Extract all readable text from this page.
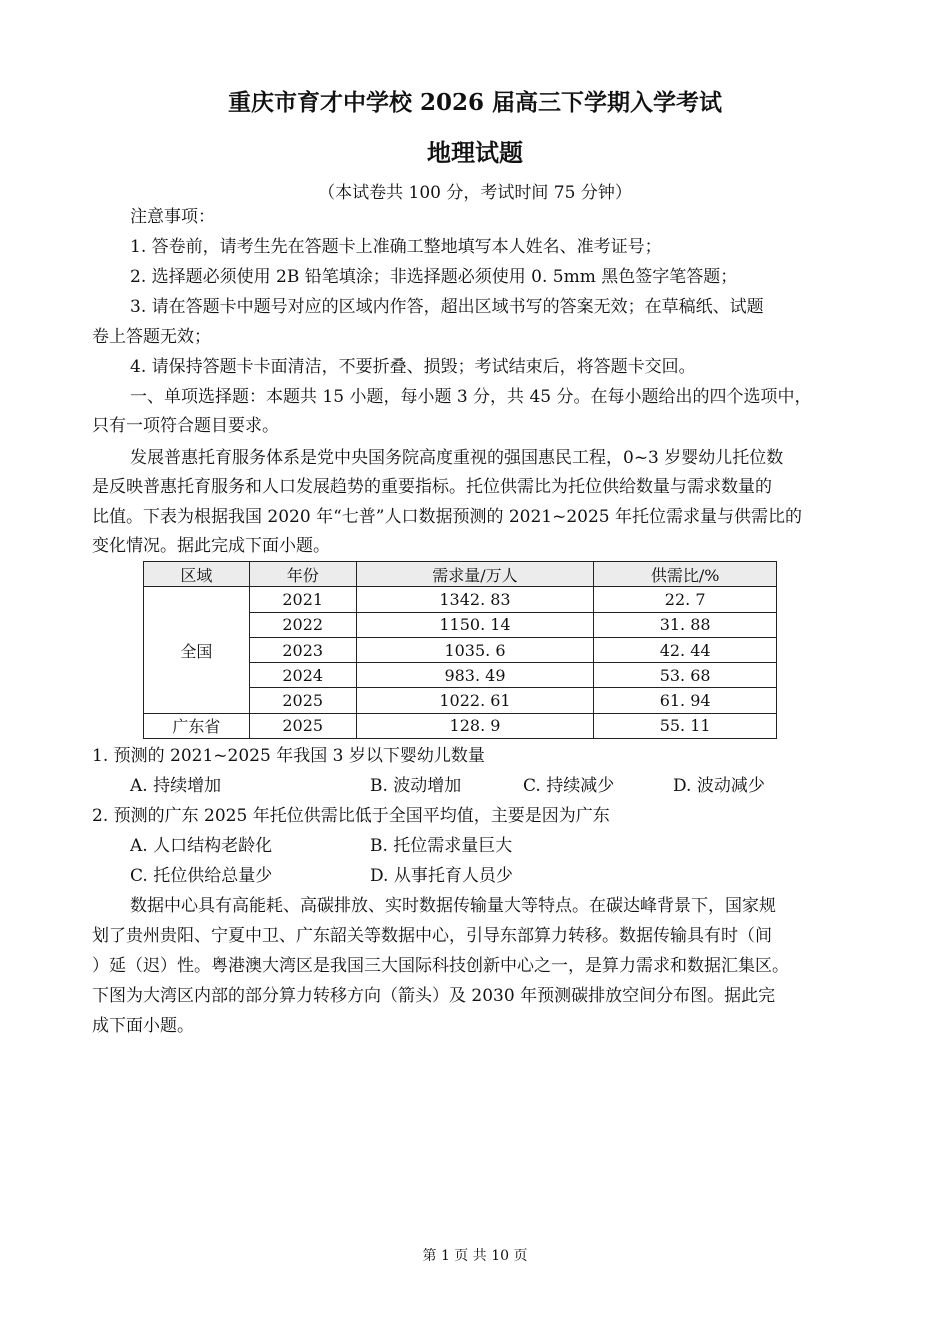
重庆市育才中学校 2026 届高三下学期入学考试
地理试题
（本试卷共 100 分，考试时间 75 分钟）
注意事项：
1. 答卷前，请考生先在答题卡上准确工整地填写本人姓名、准考证号；
2. 选择题必须使用 2B 铅笔填涂；非选择题必须使用 0. 5mm 黑色签字笔答题；
3. 请在答题卡中题号对应的区域内作答，超出区域书写的答案无效；在草稿纸、试题
卷上答题无效；
4. 请保持答题卡卡面清洁，不要折叠、损毁；考试结束后，将答题卡交回。
一、单项选择题：本题共 15 小题，每小题 3 分，共 45 分。在每小题给出的四个选项中，
只有一项符合题目要求。
发展普惠托育服务体系是党中央国务院高度重视的强国惠民工程，0~3 岁婴幼儿托位数
是反映普惠托育服务和人口发展趋势的重要指标。托位供需比为托位供给数量与需求数量的
比值。下表为根据我国 2020 年“七普”人口数据预测的 2021~2025 年托位需求量与供需比的
变化情况。据此完成下面小题。
区域	年份	需求量/万人	供需比/%
全国	2021	1342. 83	22. 7
	2022	1150. 14	31. 88
	2023	1035. 6	42. 44
	2024	983. 49	53. 68
	2025	1022. 61	61. 94
广东省	2025	128. 9	55. 11
1. 预测的 2021~2025 年我国 3 岁以下婴幼儿数量
A. 持续增加	B. 波动增加	C. 持续减少	D. 波动减少
2. 预测的广东 2025 年托位供需比低于全国平均值，主要是因为广东
A. 人口结构老龄化	B. 托位需求量巨大
C. 托位供给总量少	D. 从事托育人员少
数据中心具有高能耗、高碳排放、实时数据传输量大等特点。在碳达峰背景下，国家规
划了贵州贵阳、宁夏中卫、广东韶关等数据中心，引导东部算力转移。数据传输具有时（间
）延（迟）性。粤港澳大湾区是我国三大国际科技创新中心之一，是算力需求和数据汇集区。
下图为大湾区内部的部分算力转移方向（箭头）及 2030 年预测碳排放空间分布图。据此完
成下面小题。
第 1 页 共 10 页
